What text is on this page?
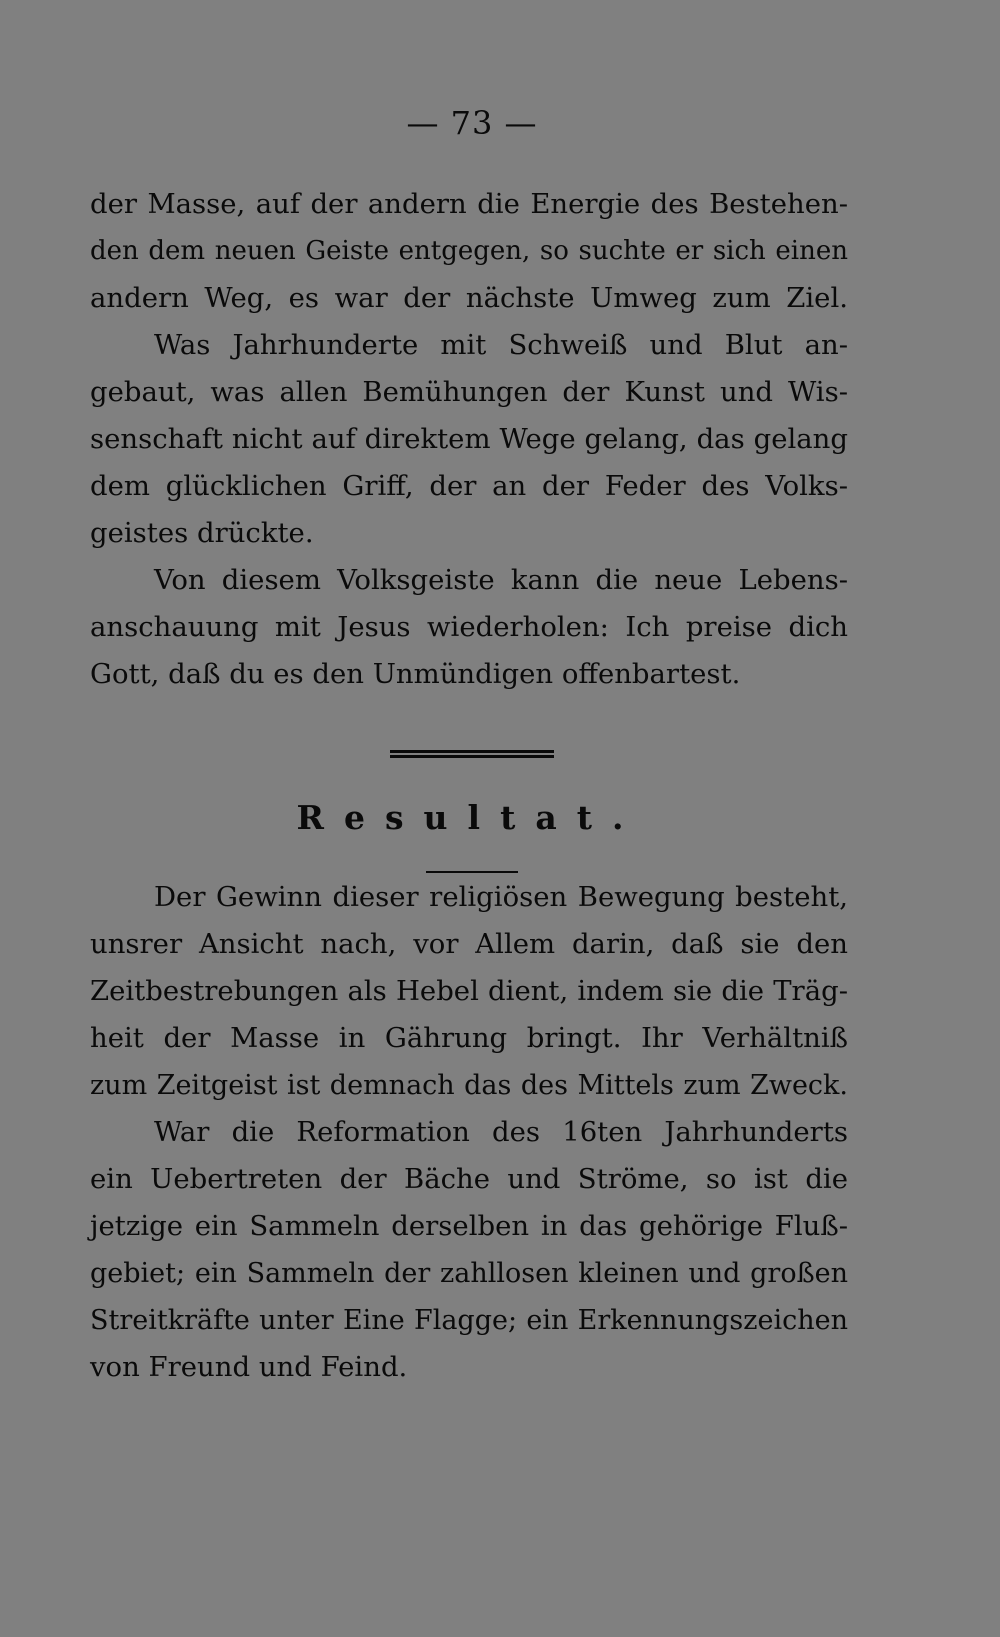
— 73 —
der Masse, auf der andern die Energie des Bestehen-
den dem neuen Geiste entgegen, so suchte er sich einen
andern Weg, es war der nächste Umweg zum Ziel.
Was Jahrhunderte mit Schweiß und Blut an-
gebaut, was allen Bemühungen der Kunst und Wis-
senschaft nicht auf direktem Wege gelang, das gelang
dem glücklichen Griff, der an der Feder des Volks-
geistes drückte.
Von diesem Volksgeiste kann die neue Lebens-
anschauung mit Jesus wiederholen: Ich preise dich
Gott, daß du es den Unmündigen offenbartest.
Resultat.
Der Gewinn dieser religiösen Bewegung besteht,
unsrer Ansicht nach, vor Allem darin, daß sie den
Zeitbestrebungen als Hebel dient, indem sie die Träg-
heit der Masse in Gährung bringt. Ihr Verhältniß
zum Zeitgeist ist demnach das des Mittels zum Zweck.
War die Reformation des 16ten Jahrhunderts
ein Uebertreten der Bäche und Ströme, so ist die
jetzige ein Sammeln derselben in das gehörige Fluß-
gebiet; ein Sammeln der zahllosen kleinen und großen
Streitkräfte unter Eine Flagge; ein Erkennungszeichen
von Freund und Feind.
